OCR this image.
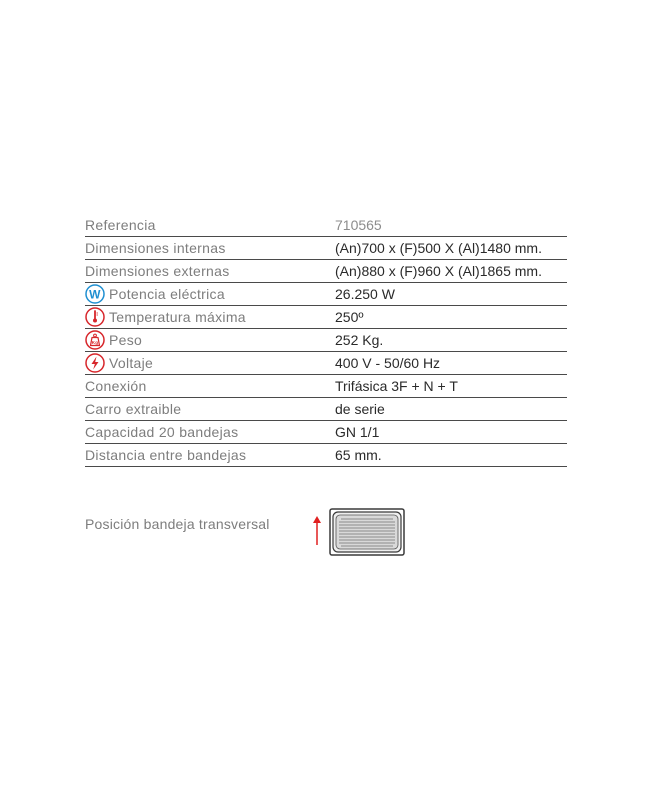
Referencia	710565
Dimensiones internas	(An)700 x (F)500 X (Al)1480 mm.
Dimensiones externas	(An)880 x (F)960 X (Al)1865 mm.

W Potencia eléctrica	26.250 W

Temperatura máxima	250º

Kg Peso	252 Kg.

Voltaje	400 V - 50/60 Hz
Conexión	Trifásica 3F + N + T
Carro extraible	de serie
Capacidad 20 bandejas	GN 1/1
Distancia entre bandejas	65 mm.
Posición bandeja transversal
